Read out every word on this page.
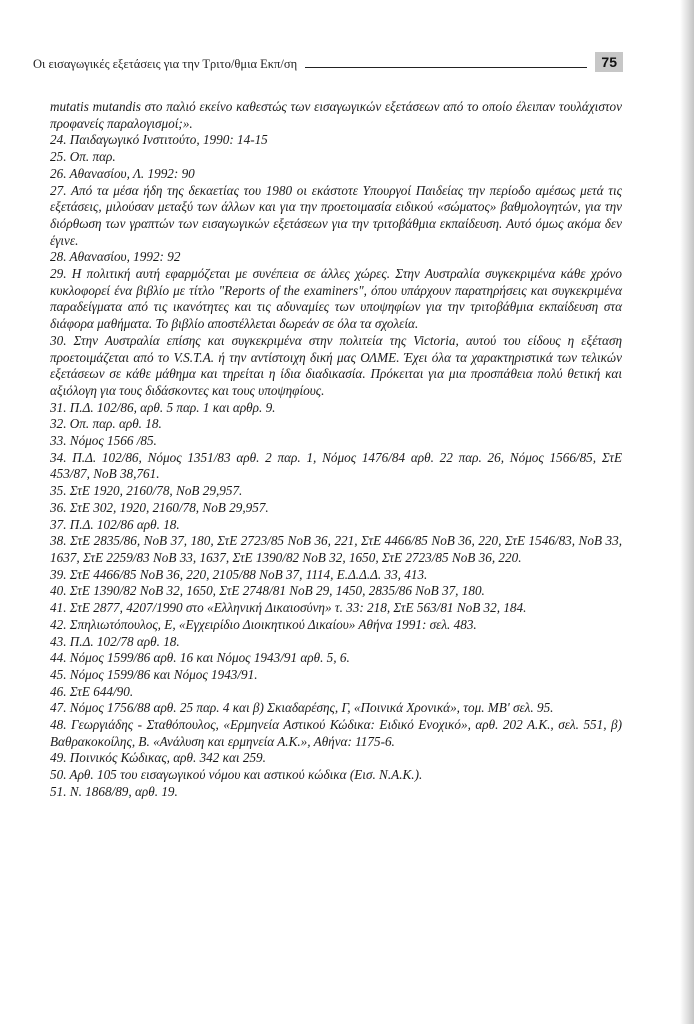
Οι εισαγωγικές εξετάσεις για την Τριτο/θμια Εκπ/ση	75

mutatis mutandis στο παλιό εκείνο καθεστώς των εισαγωγικών εξετάσεων από το οποίο έλειπαν τουλάχιστον προφανείς παραλογισμοί;».

24. Παιδαγωγικό Ινστιτούτο, 1990: 14-15

25. Οπ. παρ.

26. Αθανασίου, Λ. 1992: 90

27. Από τα μέσα ήδη της δεκαετίας του 1980 οι εκάστοτε Υπουργοί Παιδείας την περίοδο αμέσως μετά τις εξετάσεις, μιλούσαν μεταξύ των άλλων και για την προετοιμασία ειδικού «σώματος» βαθμολογητών, για την διόρθωση των γραπτών των εισαγωγικών εξετάσεων για την τριτοβάθμια εκπαίδευση. Αυτό όμως ακόμα δεν έγινε.

28. Αθανασίου, 1992: 92

29. Η πολιτική αυτή εφαρμόζεται με συνέπεια σε άλλες χώρες. Στην Αυστραλία συγκεκριμένα κάθε χρόνο κυκλοφορεί ένα βιβλίο με τίτλο "Reports of the examiners", όπου υπάρχουν παρατηρήσεις και συγκεκριμένα παραδείγματα από τις ικανότητες και τις αδυναμίες των υποψηφίων για την τριτοβάθμια εκπαίδευση στα διάφορα μαθήματα. Το βιβλίο αποστέλλεται δωρεάν σε όλα τα σχολεία.

30. Στην Αυστραλία επίσης και συγκεκριμένα στην πολιτεία της Victoria, αυτού του είδους η εξέταση προετοιμάζεται από το V.S.T.A. ή την αντίστοιχη δική μας ΟΛΜΕ. Έχει όλα τα χαρακτηριστικά των τελικών εξετάσεων σε κάθε μάθημα και τηρείται η ίδια διαδικασία. Πρόκειται για μια προσπάθεια πολύ θετική και αξιόλογη για τους διδάσκοντες και τους υποψηφίους.

31. Π.Δ. 102/86, αρθ. 5 παρ. 1 και αρθρ. 9.

32. Οπ. παρ. αρθ. 18.

33. Νόμος 1566 /85.

34. Π.Δ. 102/86, Νόμος 1351/83 αρθ. 2 παρ. 1, Νόμος 1476/84 αρθ. 22 παρ. 26, Νόμος 1566/85, ΣτΕ 453/87, ΝοΒ 38,761.

35. ΣτΕ 1920, 2160/78, ΝοΒ 29,957.

36. ΣτΕ 302, 1920, 2160/78, ΝοΒ 29,957.

37. Π.Δ. 102/86 αρθ. 18.

38. ΣτΕ 2835/86, ΝοΒ 37, 180, ΣτΕ 2723/85 ΝοΒ 36, 221, ΣτΕ 4466/85 ΝοΒ 36, 220, ΣτΕ 1546/83, ΝοΒ 33, 1637, ΣτΕ 2259/83 ΝοΒ 33, 1637, ΣτΕ 1390/82 ΝοΒ 32, 1650, ΣτΕ 2723/85 ΝοΒ 36, 220.

39. ΣτΕ 4466/85 ΝοΒ 36, 220, 2105/88 ΝοΒ 37, 1114, Ε.Δ.Δ.Δ. 33, 413.

40. ΣτΕ 1390/82 ΝοΒ 32, 1650, ΣτΕ 2748/81 ΝοΒ 29, 1450, 2835/86 ΝοΒ 37, 180.

41. ΣτΕ 2877, 4207/1990 στο «Ελληνική Δικαιοσύνη» τ. 33: 218, ΣτΕ 563/81 ΝοΒ 32, 184.

42. Σπηλιωτόπουλος, Ε, «Εγχειρίδιο Διοικητικού Δικαίου» Αθήνα 1991: σελ. 483.

43. Π.Δ. 102/78 αρθ. 18.

44. Νόμος 1599/86 αρθ. 16 και Νόμος 1943/91 αρθ. 5, 6.

45. Νόμος 1599/86 και Νόμος 1943/91.

46. ΣτΕ 644/90.

47. Νόμος 1756/88 αρθ. 25 παρ. 4 και β) Σκιαδαρέσης, Γ, «Ποινικά Χρονικά», τομ. ΜΒ' σελ. 95.

48. Γεωργιάδης - Σταθόπουλος, «Ερμηνεία Αστικού Κώδικα: Ειδικό Ενοχικό», αρθ. 202 Α.Κ., σελ. 551, β) Βαθρακοκοίλης, Β. «Ανάλυση και ερμηνεία Α.Κ.», Αθήνα: 1175-6.

49. Ποινικός Κώδικας, αρθ. 342 και 259.

50. Αρθ. 105 του εισαγωγικού νόμου και αστικού κώδικα (Εισ. Ν.Α.Κ.).

51. Ν. 1868/89, αρθ. 19.
